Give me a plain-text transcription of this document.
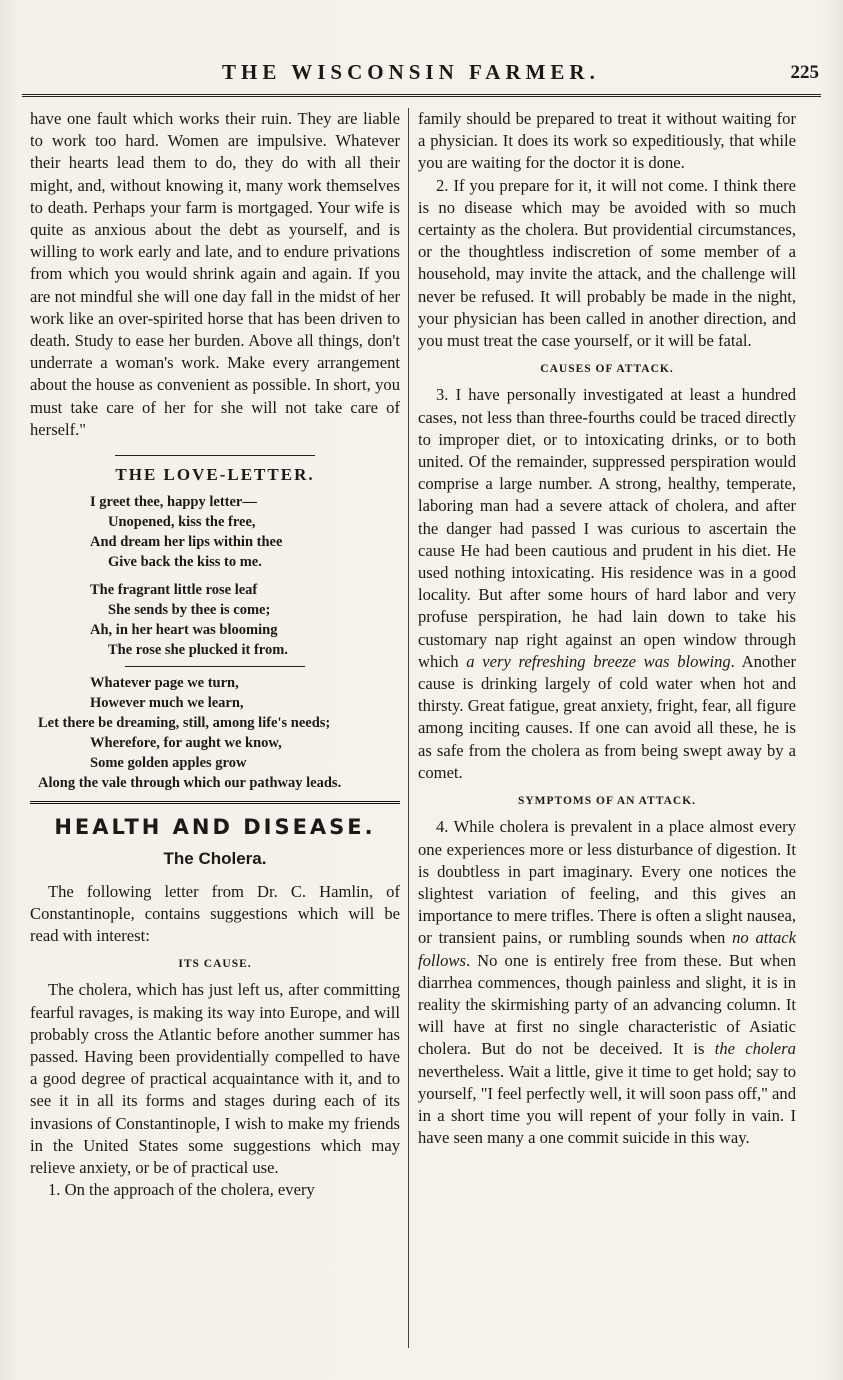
THE WISCONSIN FARMER.	225

have one fault which works their ruin. They are liable to work too hard. Women are impulsive. Whatever their hearts lead them to do, they do with all their might, and, without knowing it, many work themselves to death. Perhaps your farm is mortgaged. Your wife is quite as anxious about the debt as yourself, and is willing to work early and late, and to endure privations from which you would shrink again and again. If you are not mindful she will one day fall in the midst of her work like an over-spirited horse that has been driven to death. Study to ease her burden. Above all things, don't underrate a woman's work. Make every arrangement about the house as convenient as possible. In short, you must take care of her for she will not take care of herself."

THE LOVE-LETTER.
I greet thee, happy letter—
Unopened, kiss the free,
And dream her lips within thee
Give back the kiss to me.
The fragrant little rose leaf
She sends by thee is come;
Ah, in her heart was blooming
The rose she plucked it from.
Whatever page we turn,
However much we learn,
Let there be dreaming, still, among life's needs;
Wherefore, for aught we know,
Some golden apples grow
Along the vale through which our pathway leads.
HEALTH AND DISEASE.
The Cholera.

The following letter from Dr. C. Hamlin, of Constantinople, contains suggestions which will be read with interest:

ITS CAUSE.

The cholera, which has just left us, after committing fearful ravages, is making its way into Europe, and will probably cross the Atlantic before another summer has passed. Having been providentially compelled to have a good degree of practical acquaintance with it, and to see it in all its forms and stages during each of its invasions of Constantinople, I wish to make my friends in the United States some suggestions which may relieve anxiety, or be of practical use.

1. On the approach of the cholera, every

family should be prepared to treat it without waiting for a physician. It does its work so expeditiously, that while you are waiting for the doctor it is done.

2. If you prepare for it, it will not come. I think there is no disease which may be avoided with so much certainty as the cholera. But providential circumstances, or the thoughtless indiscretion of some member of a household, may invite the attack, and the challenge will never be refused. It will probably be made in the night, your physician has been called in another direction, and you must treat the case yourself, or it will be fatal.

CAUSES OF ATTACK.

3. I have personally investigated at least a hundred cases, not less than three-fourths could be traced directly to improper diet, or to intoxicating drinks, or to both united. Of the remainder, suppressed perspiration would comprise a large number. A strong, healthy, temperate, laboring man had a severe attack of cholera, and after the danger had passed I was curious to ascertain the cause He had been cautious and prudent in his diet. He used nothing intoxicating. His residence was in a good locality. But after some hours of hard labor and very profuse perspiration, he had lain down to take his customary nap right against an open window through which a very refreshing breeze was blowing. Another cause is drinking largely of cold water when hot and thirsty. Great fatigue, great anxiety, fright, fear, all figure among inciting causes. If one can avoid all these, he is as safe from the cholera as from being swept away by a comet.

SYMPTOMS OF AN ATTACK.

4. While cholera is prevalent in a place almost every one experiences more or less disturbance of digestion. It is doubtless in part imaginary. Every one notices the slightest variation of feeling, and this gives an importance to mere trifles. There is often a slight nausea, or transient pains, or rumbling sounds when no attack follows. No one is entirely free from these. But when diarrhea commences, though painless and slight, it is in reality the skirmishing party of an advancing column. It will have at first no single characteristic of Asiatic cholera. But do not be deceived. It is the cholera nevertheless. Wait a little, give it time to get hold; say to yourself, "I feel perfectly well, it will soon pass off," and in a short time you will repent of your folly in vain. I have seen many a one commit suicide in this way.
